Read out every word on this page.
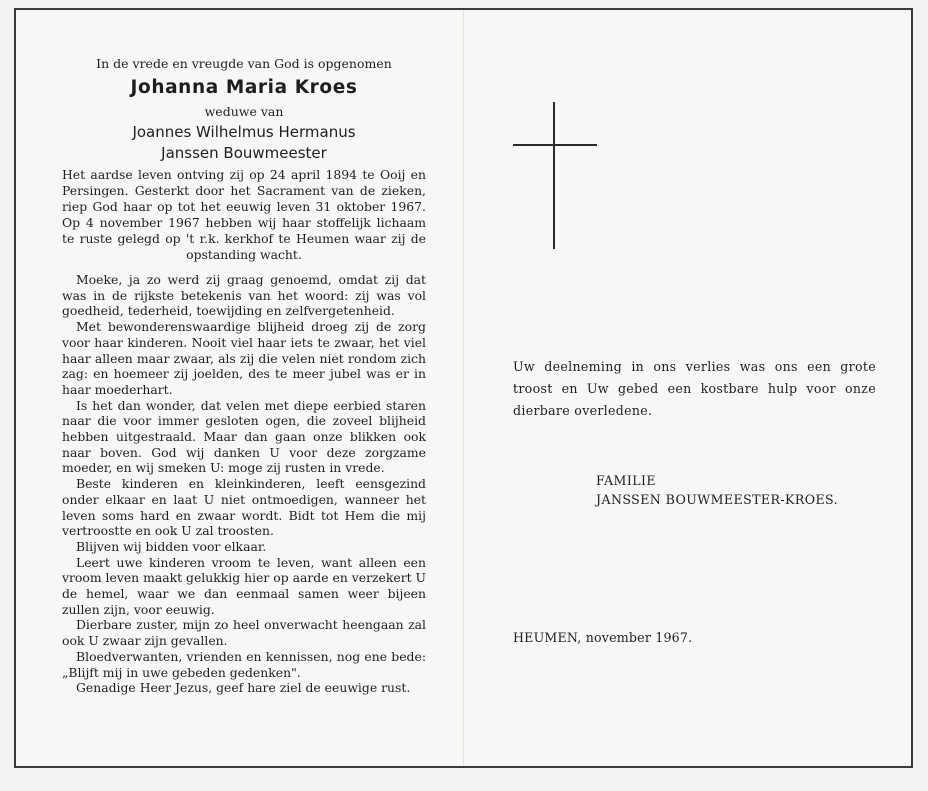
In de vrede en vreugde van God is opgenomen
Johanna Maria Kroes
weduwe van
Joannes Wilhelmus Hermanus
Janssen Bouwmeester
Het aardse leven ontving zij op 24 april 1894 te Ooij en Persingen. Gesterkt door het Sacrament van de zieken, riep God haar op tot het eeuwig leven 31 oktober 1967. Op 4 november 1967 hebben wij haar stoffelijk lichaam te ruste gelegd op 't r.k. kerkhof te Heumen waar zij de opstanding wacht.

Moeke, ja zo werd zij graag genoemd, omdat zij dat was in de rijkste betekenis van het woord: zij was vol goedheid, tederheid, toewijding en zelfvergetenheid.

Met bewonderenswaardige blijheid droeg zij de zorg voor haar kinderen. Nooit viel haar iets te zwaar, het viel haar alleen maar zwaar, als zij die velen niet rondom zich zag: en hoemeer zij joelden, des te meer jubel was er in haar moederhart.

Is het dan wonder, dat velen met diepe eerbied staren naar die voor immer gesloten ogen, die zoveel blijheid hebben uitgestraald. Maar dan gaan onze blikken ook naar boven. God wij danken U voor deze zorgzame moeder, en wij smeken U: moge zij rusten in vrede.

Beste kinderen en kleinkinderen, leeft eensgezind onder elkaar en laat U niet ontmoedigen, wanneer het leven soms hard en zwaar wordt. Bidt tot Hem die mij vertroostte en ook U zal troosten.

Blijven wij bidden voor elkaar.

Leert uwe kinderen vroom te leven, want alleen een vroom leven maakt gelukkig hier op aarde en verzekert U de hemel, waar we dan eenmaal samen weer bijeen zullen zijn, voor eeuwig.

Dierbare zuster, mijn zo heel onverwacht heengaan zal ook U zwaar zijn gevallen.

Bloedverwanten, vrienden en kennissen, nog ene bede: „Blijft mij in uwe gebeden gedenken".

Genadige Heer Jezus, geef hare ziel de eeuwige rust.

Uw deelneming in ons verlies was ons een grote troost en Uw gebed een kostbare hulp voor onze dierbare overledene.
FAMILIE
JANSSEN BOUWMEESTER-KROES.
HEUMEN, november 1967.
